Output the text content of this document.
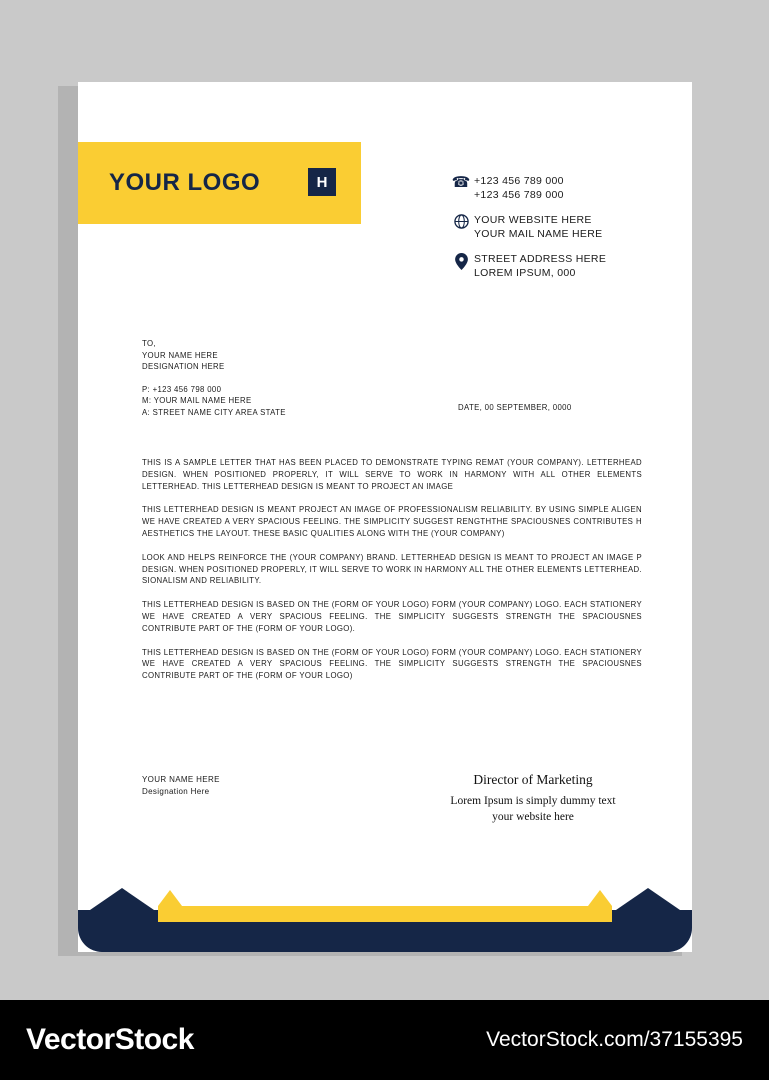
YOUR LOGO	H	☎ +123 456 789 000
+123 456 789 000
YOUR WEBSITE HERE
YOUR MAIL NAME HERE
STREET ADDRESS HERE
LOREM IPSUM, 000
TO,
YOUR NAME HERE
DESIGNATION HERE
P: +123 456 798 000
M: YOUR MAIL NAME HERE
A: STREET NAME CITY AREA STATE	DATE, 00 SEPTEMBER, 0000
THIS IS A SAMPLE LETTER THAT HAS BEEN PLACED TO DEMONSTRATE TYPING REMAT (YOUR COMPANY). LETTERHEAD DESIGN. WHEN POSITIONED PROPERLY, IT WILL SERVE TO WORK IN HARMONY WITH ALL OTHER ELEMENTS LETTERHEAD. THIS LETTERHEAD DESIGN IS MEANT TO PROJECT AN IMAGE
THIS LETTERHEAD DESIGN IS MEANT PROJECT AN IMAGE OF PROFESSIONALISM RELIABILITY. BY USING SIMPLE ALIGEN WE HAVE CREATED A VERY SPACIOUS FEELING. THE SIMPLICITY SUGGEST RENGTHTHE SPACIOUSNES CONTRIBUTES H AESTHETICS THE LAYOUT. THESE BASIC QUALITIES ALONG WITH THE (YOUR COMPANY)
LOOK AND HELPS REINFORCE THE (YOUR COMPANY) BRAND. LETTERHEAD DESIGN IS MEANT TO PROJECT AN IMAGE P DESIGN. WHEN POSITIONED PROPERLY, IT WILL SERVE TO WORK IN HARMONY ALL THE OTHER ELEMENTS LETTERHEAD. SIONALISM AND RELIABILITY.
THIS LETTERHEAD DESIGN IS BASED ON THE (FORM OF YOUR LOGO) FORM (YOUR COMPANY) LOGO. EACH STATIONERY WE HAVE CREATED A VERY SPACIOUS FEELING. THE SIMPLICITY SUGGESTS STRENGTH THE SPACIOUSNES CONTRIBUTE PART OF THE (FORM OF YOUR LOGO).
THIS LETTERHEAD DESIGN IS BASED ON THE (FORM OF YOUR LOGO) FORM (YOUR COMPANY) LOGO. EACH STATIONERY WE HAVE CREATED A VERY SPACIOUS FEELING. THE SIMPLICITY SUGGESTS STRENGTH THE SPACIOUSNES CONTRIBUTE PART OF THE (FORM OF YOUR LOGO)
YOUR NAME HERE
Designation Here
Director of Marketing
Lorem Ipsum is simply dummy text
your website here
VectorStock	VectorStock.com/37155395
